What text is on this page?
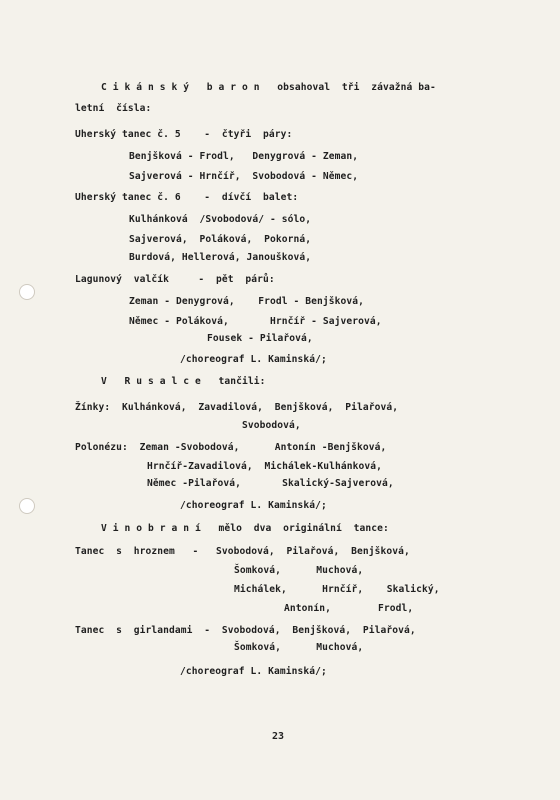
C i k á n s k ý   b a r o n   obsahoval  tři  závažná ba-
letní  čísla:
Uherský tanec č. 5    -  čtyři  páry:
Benjšková - Frodl,   Denygrová - Zeman,
Sajverová - Hrnčíř,  Svobodová - Němec,
Uherský tanec č. 6    -  dívčí  balet:
Kulhánková  /Svobodová/ - sólo,
Sajverová,  Poláková,  Pokorná,
Burdová, Hellerová, Janoušková,
Lagunový  valčík     -  pět  párů:
Zeman - Denygrová,    Frodl - Benjšková,
Němec - Poláková,       Hrnčíř - Sajverová,
Fousek - Pilařová,
/choreograf L. Kaminská/;
V   R u s a l c e   tančili:
Žínky:  Kulhánková,  Zavadilová,  Benjšková,  Pilařová,
Svobodová,
Polonézu:  Zeman -Svobodová,      Antonín -Benjšková,
Hrnčíř-Zavadilová,  Michálek-Kulhánková,
Němec -Pilařová,       Skalický-Sajverová,
/choreograf L. Kaminská/;
V i n o b r a n í   mělo  dva  originální  tance:
Tanec  s  hroznem   -   Svobodová,  Pilařová,  Benjšková,
Šomková,      Muchová,
Michálek,      Hrnčíř,    Skalický,
Antonín,        Frodl,
Tanec  s  girlandami  -  Svobodová,  Benjšková,  Pilařová,
Šomková,      Muchová,
/choreograf L. Kaminská/;
23
